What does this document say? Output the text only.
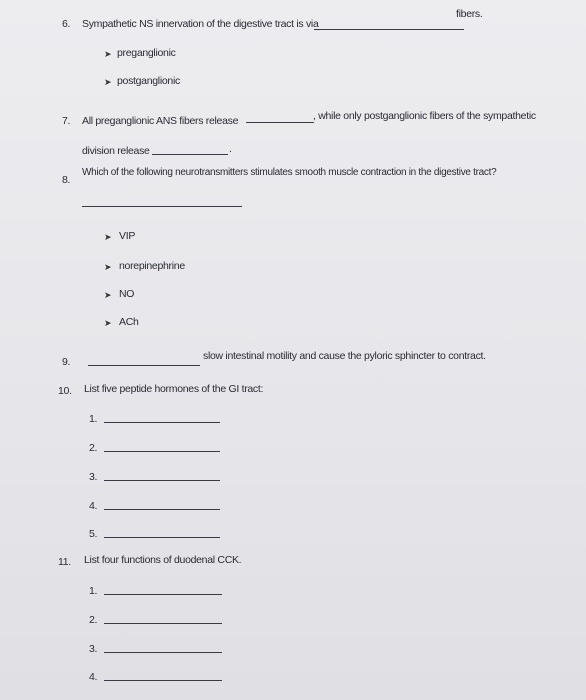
6. Sympathetic NS innervation of the digestive tract is via
fibers.
➤ preganglionic
➤ postganglionic
7. All preganglionic ANS fibers release	, while only postganglionic fibers of the sympathetic
division release	.
8.
Which of the following neurotransmitters stimulates smooth muscle contraction in the digestive tract?
➤ VIP
➤ norepinephrine
➤ NO
➤ ACh
9.	slow intestinal motility and cause the pyloric sphincter to contract.
10. List five peptide hormones of the GI tract:
1.
2.
3.
4.
5.
11. List four functions of duodenal CCK.
1.
2.
3.
4.
